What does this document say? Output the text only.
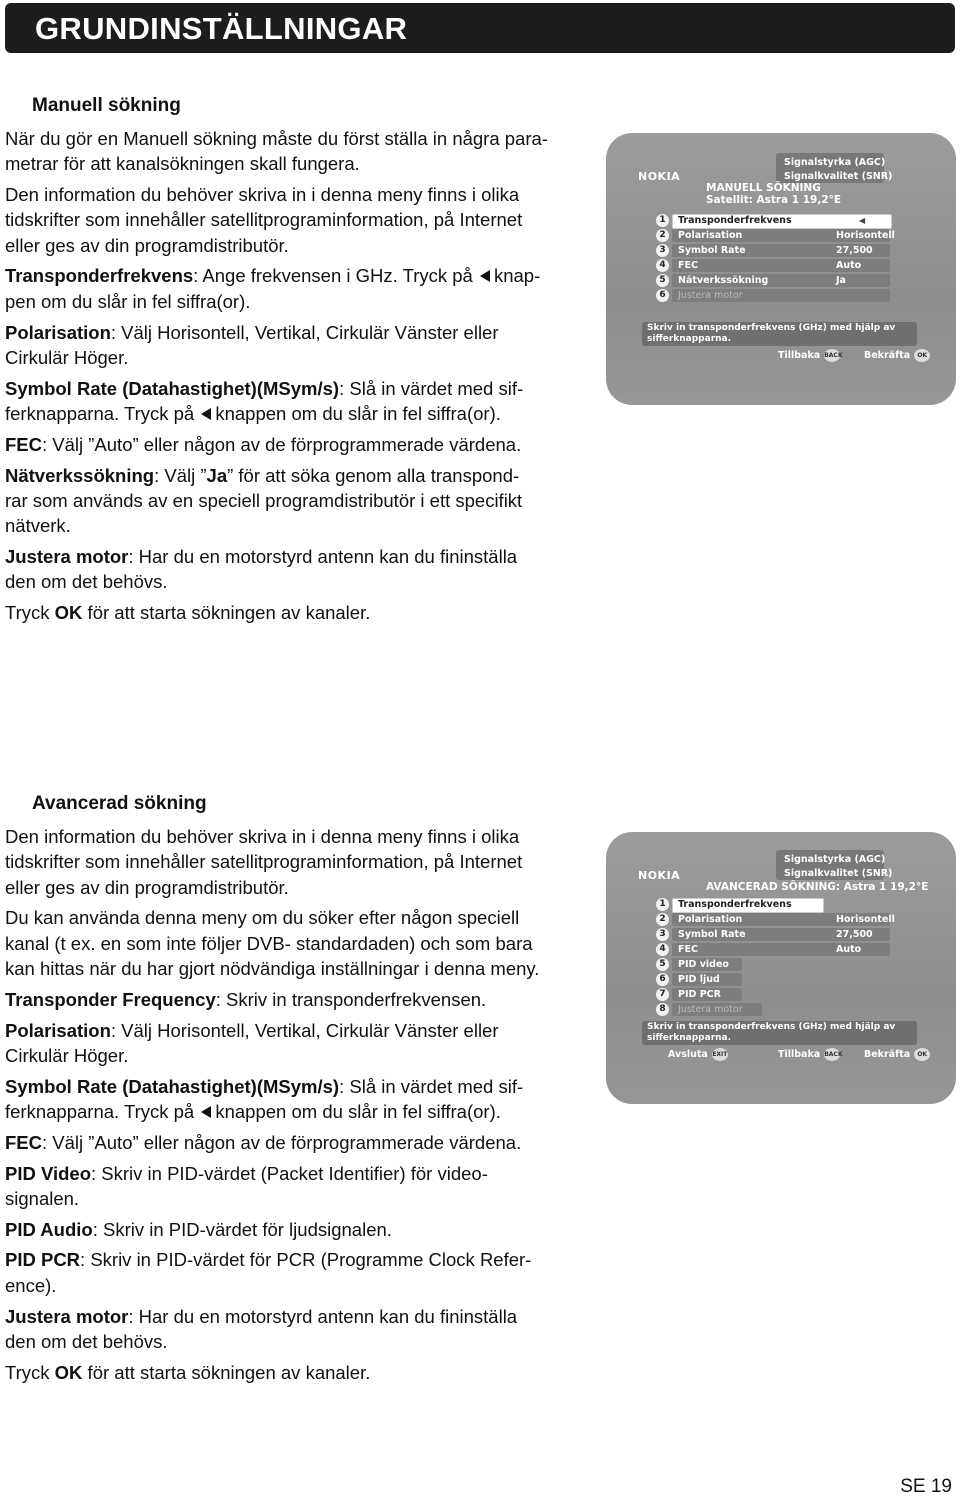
GRUNDINSTÄLLNINGAR
Manuell sökning

När du gör en Manuell sökning måste du först ställa in några para-
metrar för att kanalsökningen skall fungera.

Den information du behöver skriva in i denna meny finns i olika
tidskrifter som innehåller satellitprograminformation, på Internet
eller ges av din programdistributör.

Transponderfrekvens: Ange frekvensen i GHz. Tryck på knap-
pen om du slår in fel siffra(or).

Polarisation: Välj Horisontell, Vertikal, Cirkulär Vänster eller
Cirkulär Höger.

Symbol Rate (Datahastighet)(MSym/s): Slå in värdet med sif-
ferknapparna. Tryck på knappen om du slår in fel siffra(or).

FEC: Välj ”Auto” eller någon av de förprogrammerade värdena.

Nätverkssökning: Välj ”Ja” för att söka genom alla transpond-
rar som används av en speciell programdistributör i ett specifikt
nätverk.

Justera motor: Har du en motorstyrd antenn kan du fininställa
den om det behövs.

Tryck OK för att starta sökningen av kanaler.

NOKIA
Signalstyrka (AGC)
Signalkvalitet (SNR)
MANUELL SÖKNING
Satellit: Astra 1 19,2°E
1	Transponderfrekvens	◀
2	Polarisation	Horisontell
3	Symbol Rate	27,500
4	FEC	Auto
5	Nätverkssökning	Ja
6	Justera motor
Skriv in transponderfrekvens (GHz) med hjälp av
sifferknapparna.
Tillbaka BACK Bekräfta OK
Avancerad sökning

Den information du behöver skriva in i denna meny finns i olika
tidskrifter som innehåller satellitprograminformation, på Internet
eller ges av din programdistributör.

Du kan använda denna meny om du söker efter någon speciell
kanal (t ex. en som inte följer DVB- standardaden) och som bara
kan hittas när du har gjort nödvändiga inställningar i denna meny.

Transponder Frequency: Skriv in transponderfrekvensen.

Polarisation: Välj Horisontell, Vertikal, Cirkulär Vänster eller
Cirkulär Höger.

Symbol Rate (Datahastighet)(MSym/s): Slå in värdet med sif-
ferknapparna. Tryck på knappen om du slår in fel siffra(or).

FEC: Välj ”Auto” eller någon av de förprogrammerade värdena.

PID Video: Skriv in PID-värdet (Packet Identifier) för video-
signalen.

PID Audio: Skriv in PID-värdet för ljudsignalen.

PID PCR: Skriv in PID-värdet för PCR (Programme Clock Refer-
ence).

Justera motor: Har du en motorstyrd antenn kan du fininställa
den om det behövs.

Tryck OK för att starta sökningen av kanaler.

NOKIA
Signalstyrka (AGC)
Signalkvalitet (SNR)
AVANCERAD SÖKNING: Astra 1 19,2°E
1	Transponderfrekvens
2	Polarisation	Horisontell
3	Symbol Rate	27,500
4	FEC	Auto
5	PID video
6	PID ljud
7	PID PCR
8	Justera motor
Skriv in transponderfrekvens (GHz) med hjälp av
sifferknapparna.
Avsluta EXIT	Tillbaka BACK Bekräfta OK
SE 19
